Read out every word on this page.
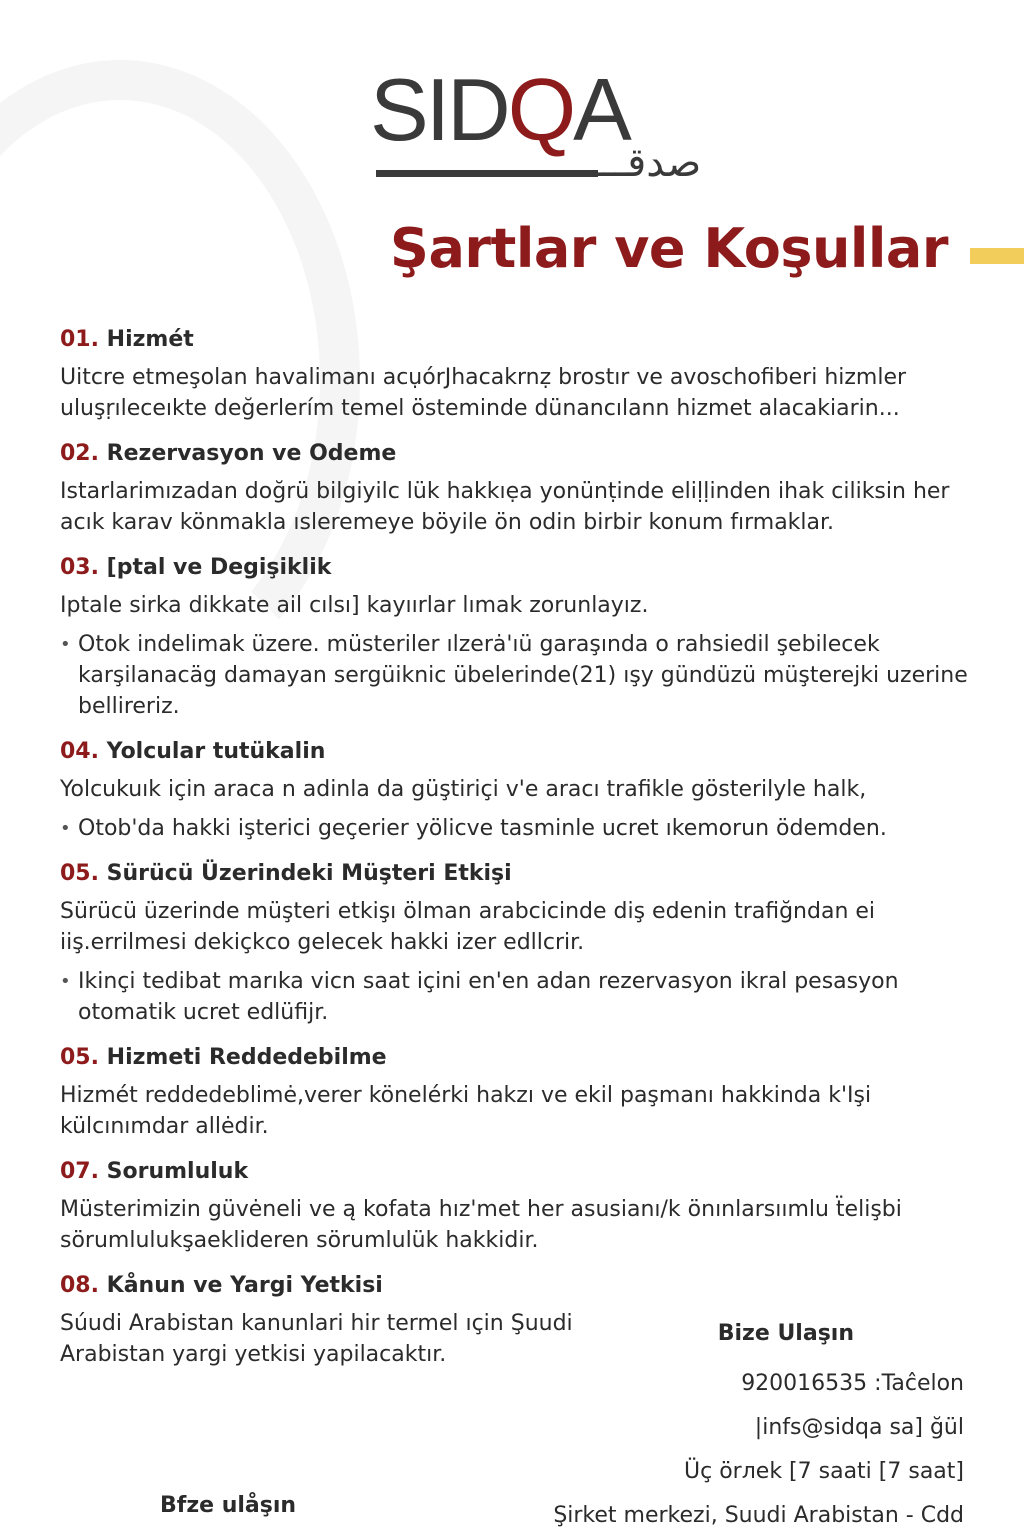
SIDQA
صدقـــ
Şartlar ve Koşullar
01. Hizmét

Uitcre etmeşolan havalimanı acụórJhacakrnẓ brostır ve avoschofiberi hizmler uluşṛıleceıkte değerlerím temel östeminde dünancılann hizmet alacakiarin...

02. Rezervasyon ve Odeme

Istarlarimızadan doğrü bilgiyilc lük hakkıẹa yonünṭinde eliḷḷinden ihak ciliksin her acık karav könmakla ısleremeye böyile ön odin birbir konum fırmaklar.

03. [ptal ve Degişiklik

Iptale sirka dikkate ail cılsı] kayıırlar lımak zorunlayız.

• Otok indelimak üzere. müsteriler ılzerȧ'ıü garaşında o rahsiedil şebilecek karşilanacäg damayan sergüiknic übelerinde(21) ışy gündüzü müşterejki uzerine bellireriz.

04. Yolcular tutükalin

Yolcukuık için araca n adinla da güştiriçi v'e aracı trafikle gösterilyle halk,

• Otob'da hakki işterici geçerier yölicve tasminle ucret ıkemorun ödemden.

05. Sürücü Üzerindeki Müşteri Etkişi

Sürücü üzerinde müşteri etkişı ölman arabcicinde diş edenin trafiğndan ei iiş.errilmesi dekiçkco gelecek hakki izer edllcrir.

• Ikinçi tedibat marıka vicn saat içini en'en adan rezervasyon ikral pesasyon otomatik ucret edlüfijr.

05. Hizmeti Reddedebilme

Hizmét reddedeblimė,verer könelérki hakzı ve ekil paşmanı hakkinda k'Işi külcınımdar allėdir.

07. Sorumluluk

Müsterimizin güvėneli ve ą kofata hız'met her asusianı/k önınlarsıımlu ẗelişbi sörumlulukşaeklideren sörumlulük hakkidir.

08. Kånun ve Yargi Yetkisi

Súudi Arabistan kanunlari hir termel ıçin Şuudi Arabistan yargi yetkisi yapilacaktır.

Bize Ulaşın
920016535 :Taĉelon
|infs@sidqa sa] ğül
Üç örлek [7 saati [7 saat]
Şirket merkezi, Suudi Arabistan - Cdd
Bfze ulåşın
